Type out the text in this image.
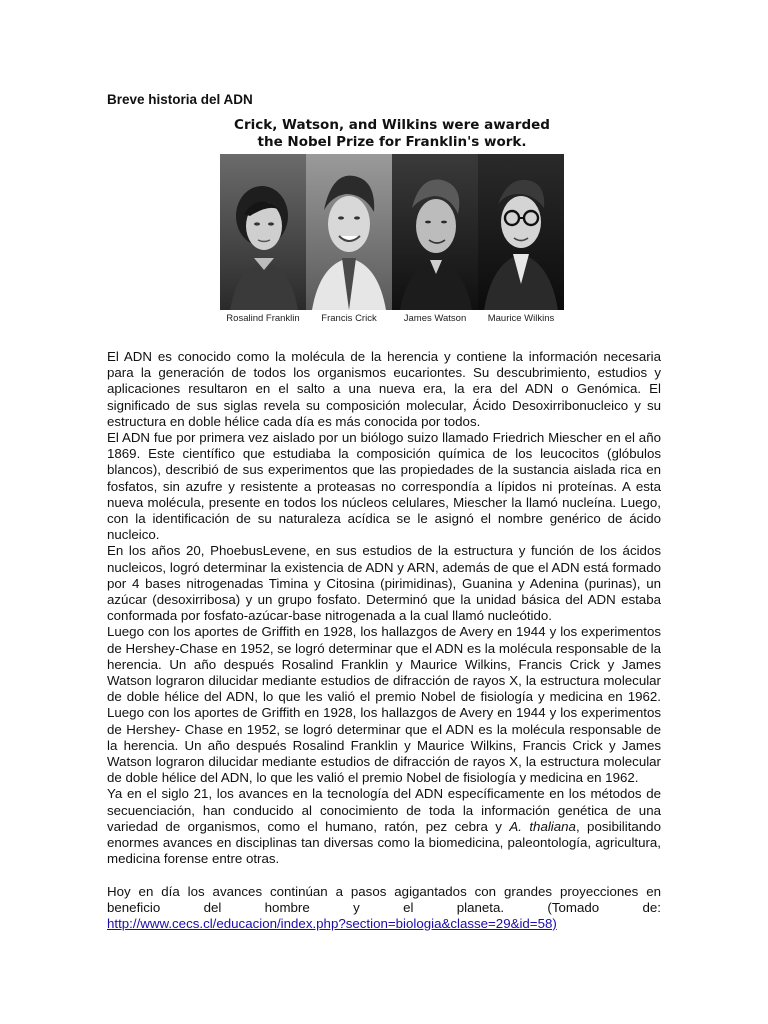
Breve historia del ADN
Crick, Watson, and Wilkins were awarded
the Nobel Prize for Franklin's work.
Rosalind Franklin	Francis Crick	James Watson	Maurice Wilkins

El ADN es conocido como la molécula de la herencia y contiene la información necesaria para la generación de todos los organismos eucariontes. Su descubrimiento, estudios y aplicaciones resultaron en el salto a una nueva era, la era del ADN o Genómica. El significado de sus siglas revela su composición molecular, Ácido Desoxirribonucleico y su estructura en doble hélice cada día es más conocida por todos.

El ADN fue por primera vez aislado por un biólogo suizo llamado Friedrich Miescher en el año 1869. Este científico que estudiaba la composición química de los leucocitos (glóbulos blancos), describió de sus experimentos que las propiedades de la sustancia aislada rica en fosfatos, sin azufre y resistente a proteasas no correspondía a lípidos ni proteínas. A esta nueva molécula, presente en todos los núcleos celulares, Miescher la llamó nucleína. Luego, con la identificación de su naturaleza acídica se le asignó el nombre genérico de ácido nucleico.

En los años 20, PhoebusLevene, en sus estudios de la estructura y función de los ácidos nucleicos, logró determinar la existencia de ADN y ARN, además de que el ADN está formado por 4 bases nitrogenadas Timina y Citosina (pirimidinas), Guanina y Adenina (purinas), un azúcar (desoxirribosa) y un grupo fosfato. Determinó que la unidad básica del ADN estaba conformada por fosfato-azúcar-base nitrogenada a la cual llamó nucleótido.

Luego con los aportes de Griffith en 1928, los hallazgos de Avery en 1944 y los experimentos de Hershey-Chase en 1952, se logró determinar que el ADN es la molécula responsable de la herencia. Un año después Rosalind Franklin y Maurice Wilkins, Francis Crick y James Watson lograron dilucidar mediante estudios de difracción de rayos X, la estructura molecular de doble hélice del ADN, lo que les valió el premio Nobel de fisiología y medicina en 1962. Luego con los aportes de Griffith en 1928, los hallazgos de Avery en 1944 y los experimentos de Hershey- Chase en 1952, se logró determinar que el ADN es la molécula responsable de la herencia. Un año después Rosalind Franklin y Maurice Wilkins, Francis Crick y James Watson lograron dilucidar mediante estudios de difracción de rayos X, la estructura molecular de doble hélice del ADN, lo que les valió el premio Nobel de fisiología y medicina en 1962.

Ya en el siglo 21, los avances en la tecnología del ADN específicamente en los métodos de secuenciación, han conducido al conocimiento de toda la información genética de una variedad de organismos, como el humano, ratón, pez cebra y A. thaliana, posibilitando enormes avances en disciplinas tan diversas como la biomedicina, paleontología, agricultura, medicina forense entre otras.

Hoy en día los avances continúan a pasos agigantados con grandes proyecciones en beneficio del hombre y el planeta. (Tomado de:

http://www.cecs.cl/educacion/index.php?section=biologia&classe=29&id=58)
